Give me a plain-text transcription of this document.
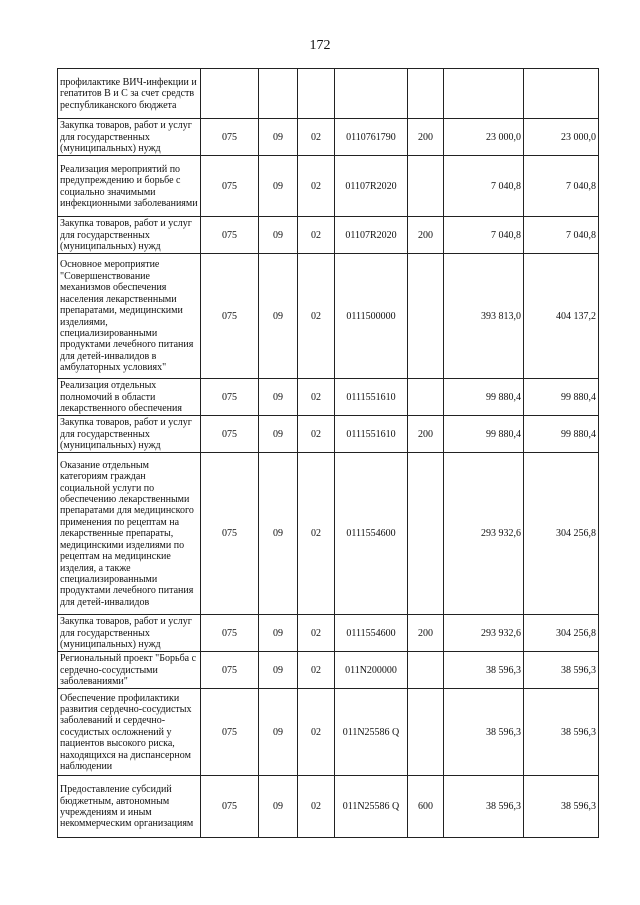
172
профилактике ВИЧ-инфекции и гепатитов B и C за счет средств республиканского бюджета							
Закупка товаров, работ и услуг для государственных (муниципальных) нужд	075	09	02	0110761790	200	23 000,0	23 000,0
Реализация мероприятий по предупреждению и борьбе с социально значимыми инфекционными заболеваниями	075	09	02	01107R2020		7 040,8	7 040,8
Закупка товаров, работ и услуг для государственных (муниципальных) нужд	075	09	02	01107R2020	200	7 040,8	7 040,8
Основное мероприятие "Совершенствование механизмов обеспечения населения лекарственными препаратами, медицинскими изделиями, специализированными продуктами лечебного питания для детей-инвалидов в амбулаторных условиях"	075	09	02	0111500000		393 813,0	404 137,2
Реализация отдельных полномочий в области лекарственного обеспечения	075	09	02	0111551610		99 880,4	99 880,4
Закупка товаров, работ и услуг для государственных (муниципальных) нужд	075	09	02	0111551610	200	99 880,4	99 880,4
Оказание отдельным категориям граждан социальной услуги по обеспечению лекарственными препаратами для медицинского применения по рецептам на лекарственные препараты, медицинскими изделиями по рецептам на медицинские изделия, а также специализированными продуктами лечебного питания для детей-инвалидов	075	09	02	0111554600		293 932,6	304 256,8
Закупка товаров, работ и услуг для государственных (муниципальных) нужд	075	09	02	0111554600	200	293 932,6	304 256,8
Региональный проект "Борьба с сердечно-сосудистыми заболеваниями"	075	09	02	011N200000		38 596,3	38 596,3
Обеспечение профилактики развития сердечно-сосудистых заболеваний и сердечно-сосудистых осложнений у пациентов высокого риска, находящихся на диспансерном наблюдении	075	09	02	011N25586 Q		38 596,3	38 596,3
Предоставление субсидий бюджетным, автономным учреждениям и иным некоммерческим организациям	075	09	02	011N25586 Q	600	38 596,3	38 596,3
